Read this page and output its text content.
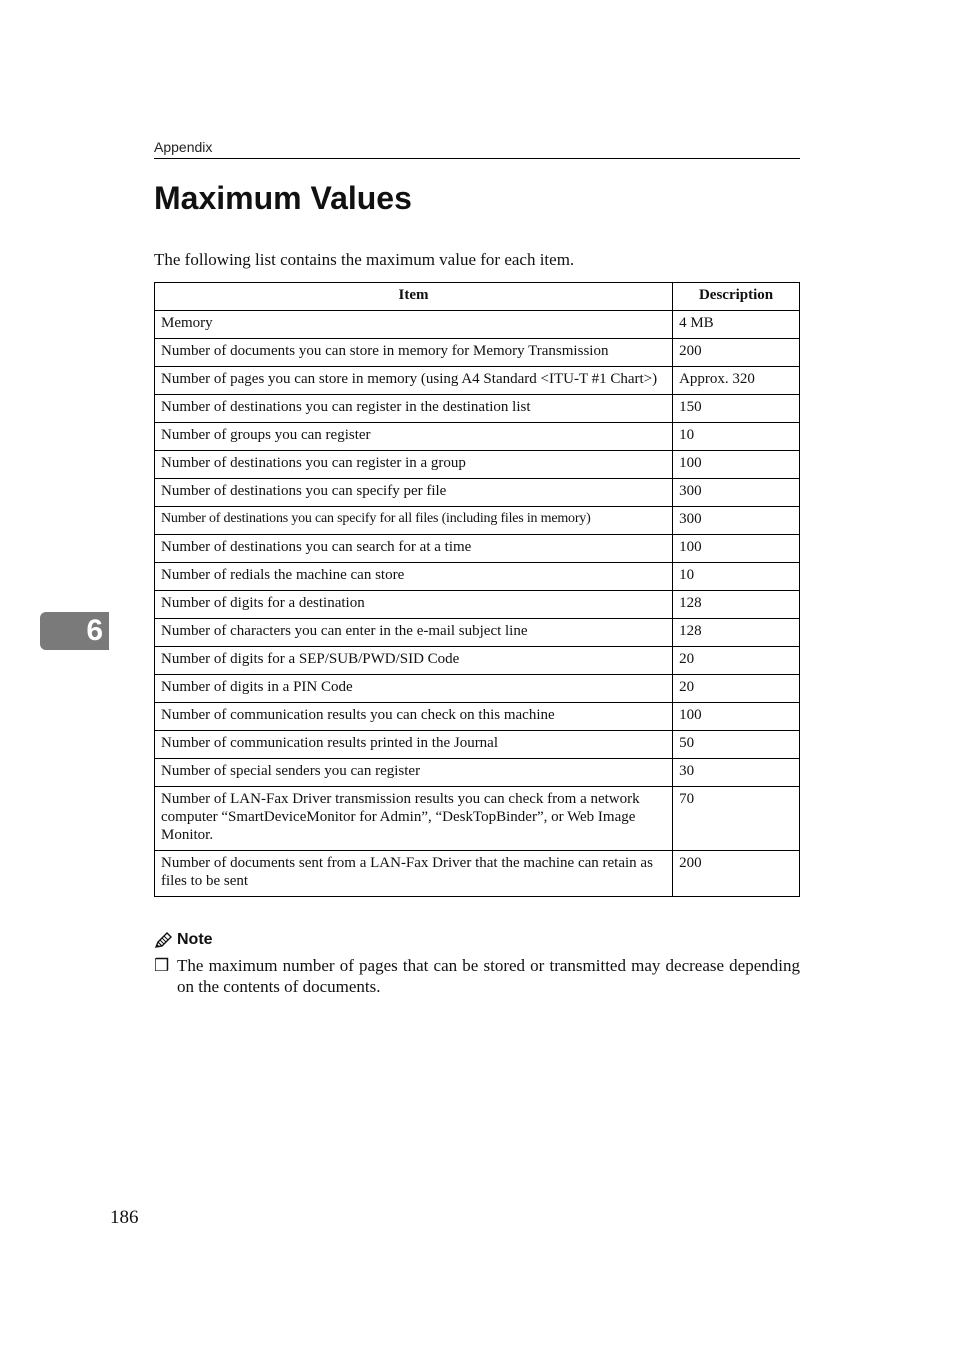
Appendix
Maximum Values

The following list contains the maximum value for each item.

Item	Description
Memory	4 MB
Number of documents you can store in memory for Memory Transmission	200
Number of pages you can store in memory (using A4 Standard <ITU-T #1 Chart>)	Approx. 320
Number of destinations you can register in the destination list	150
Number of groups you can register	10
Number of destinations you can register in a group	100
Number of destinations you can specify per file	300
Number of destinations you can specify for all files (including files in memory)	300
Number of destinations you can search for at a time	100
Number of redials the machine can store	10
Number of digits for a destination	128
Number of characters you can enter in the e-mail subject line	128
Number of digits for a SEP/SUB/PWD/SID Code	20
Number of digits in a PIN Code	20
Number of communication results you can check on this machine	100
Number of communication results printed in the Journal	50
Number of special senders you can register	30
Number of LAN-Fax Driver transmission results you can check from a network computer “SmartDeviceMonitor for Admin”, “DeskTopBinder”, or Web Image Monitor.	70
Number of documents sent from a LAN-Fax Driver that the machine can retain as files to be sent	200
Note
❒ The maximum number of pages that can be stored or transmitted may decrease depending on the contents of documents.
6
186
